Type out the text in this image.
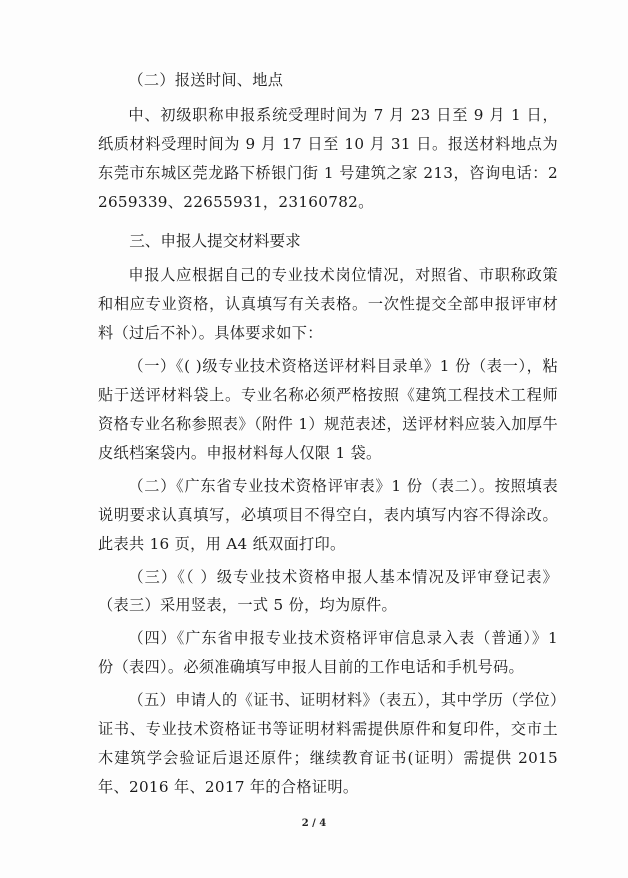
（二）报送时间、地点

中、初级职称申报系统受理时间为 7 月 23 日至 9 月 1 日，纸质材料受理时间为 9 月 17 日至 10 月 31 日。报送材料地点为东莞市东城区莞龙路下桥银门街 1 号建筑之家 213，咨询电话：22659339、22655931，23160782。

三、申报人提交材料要求

申报人应根据自己的专业技术岗位情况，对照省、市职称政策和相应专业资格，认真填写有关表格。一次性提交全部申报评审材料（过后不补）。具体要求如下：

（一）《( )级专业技术资格送评材料目录单》1 份（表一），粘贴于送评材料袋上。专业名称必须严格按照《建筑工程技术工程师资格专业名称参照表》（附件 1）规范表述，送评材料应装入加厚牛皮纸档案袋内。申报材料每人仅限 1 袋。

（二）《广东省专业技术资格评审表》1 份（表二）。按照填表说明要求认真填写，必填项目不得空白，表内填写内容不得涂改。此表共 16 页，用 A4 纸双面打印。

（三）《（ ）级专业技术资格申报人基本情况及评审登记表》（表三）采用竖表，一式 5 份，均为原件。

（四）《广东省申报专业技术资格评审信息录入表（普通）》1 份（表四）。必须准确填写申报人目前的工作电话和手机号码。

（五）申请人的《证书、证明材料》（表五），其中学历（学位）证书、专业技术资格证书等证明材料需提供原件和复印件，交市土木建筑学会验证后退还原件；继续教育证书(证明）需提供 2015 年、2016 年、2017 年的合格证明。

2 / 4
